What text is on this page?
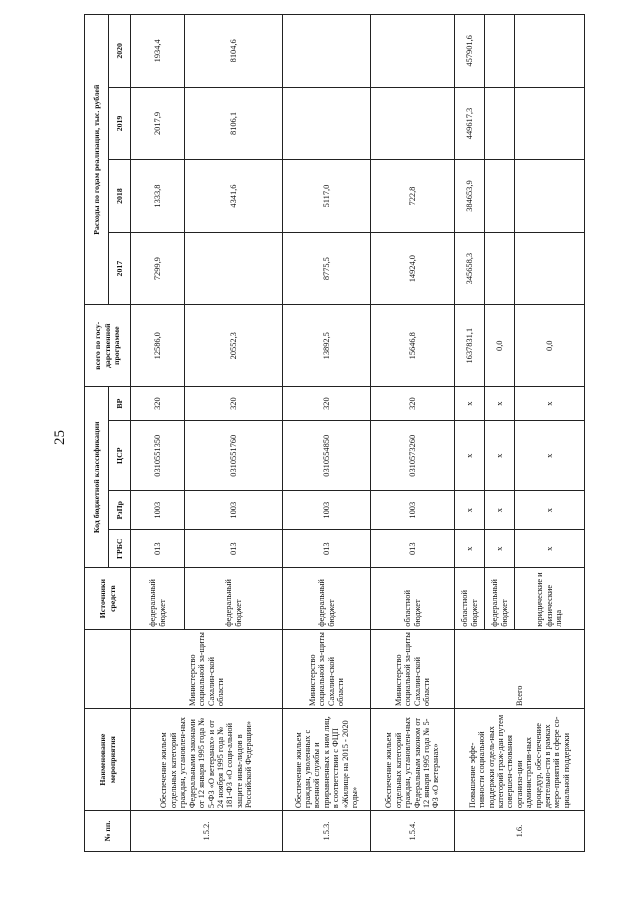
25
№ пп.	Наименование мероприятия		Источники средств	Код бюджетной классификации				всего по госу-дарственной программе	Расходы по годам реализации, тыс. рублей			
				ГРБС	РзПр	ЦСР	ВР		2017	2018	2019	2020
1.5.2.	Обеспечение жильем отдельных категорий граждан, установлен-ных Федеральными законами от 12 января 1995 года № 5-ФЗ «О ветеранах» и от 24 ноября 1995 года № 181-ФЗ «О соци-альной защите инва-лидов в Российской Федерации»	Министерство социальной за-щиты Сахалин-ской области	федеральный бюджет	013	1003	0310551350	320	12586,0	7299,9	1333,8	2017,9	1934,4
			федеральный бюджет	013	1003	0310551760	320	20552,3		4341,6	8106,1	8104,6
1.5.3.	Обеспечение жильем граждан, уволенных с военной службы и приравненных к ним лиц, в соответствии с ФЦП «Жилище на 2015 - 2020 годы»	Министерство социальной за-щиты Сахалин-ской области	федеральный бюджет	013	1003	0310554850	320	13892,5	8775,5	5117,0		
1.5.4.	Обеспечение жильем отдельных категорий граждан, установлен-ных Федеральным законом от 12 января 1995 года № 5-ФЗ «О ветеранах»	Министерство социальной за-щиты Сахалин-ской области	областной бюджет	013	1003	0310573260	320	15646,8	14924,0	722,8		
1.6.	Повышение эффе-тивности социальной поддержки отдель-ных категорий граж-дан путем совершен-ствования организа-ции административ-ных процедур, обес-печение деятельно-сти в рамках меро-приятий в сфере со-циальной поддержки	Всего	областной бюджет	х	х	х	х	1637831,1	345658,3	384653,9	449617,3	457901,6
			федеральный бюджет	х	х	х	х	0,0				
			юридические и физические лица	х	х	х	х	0,0				
